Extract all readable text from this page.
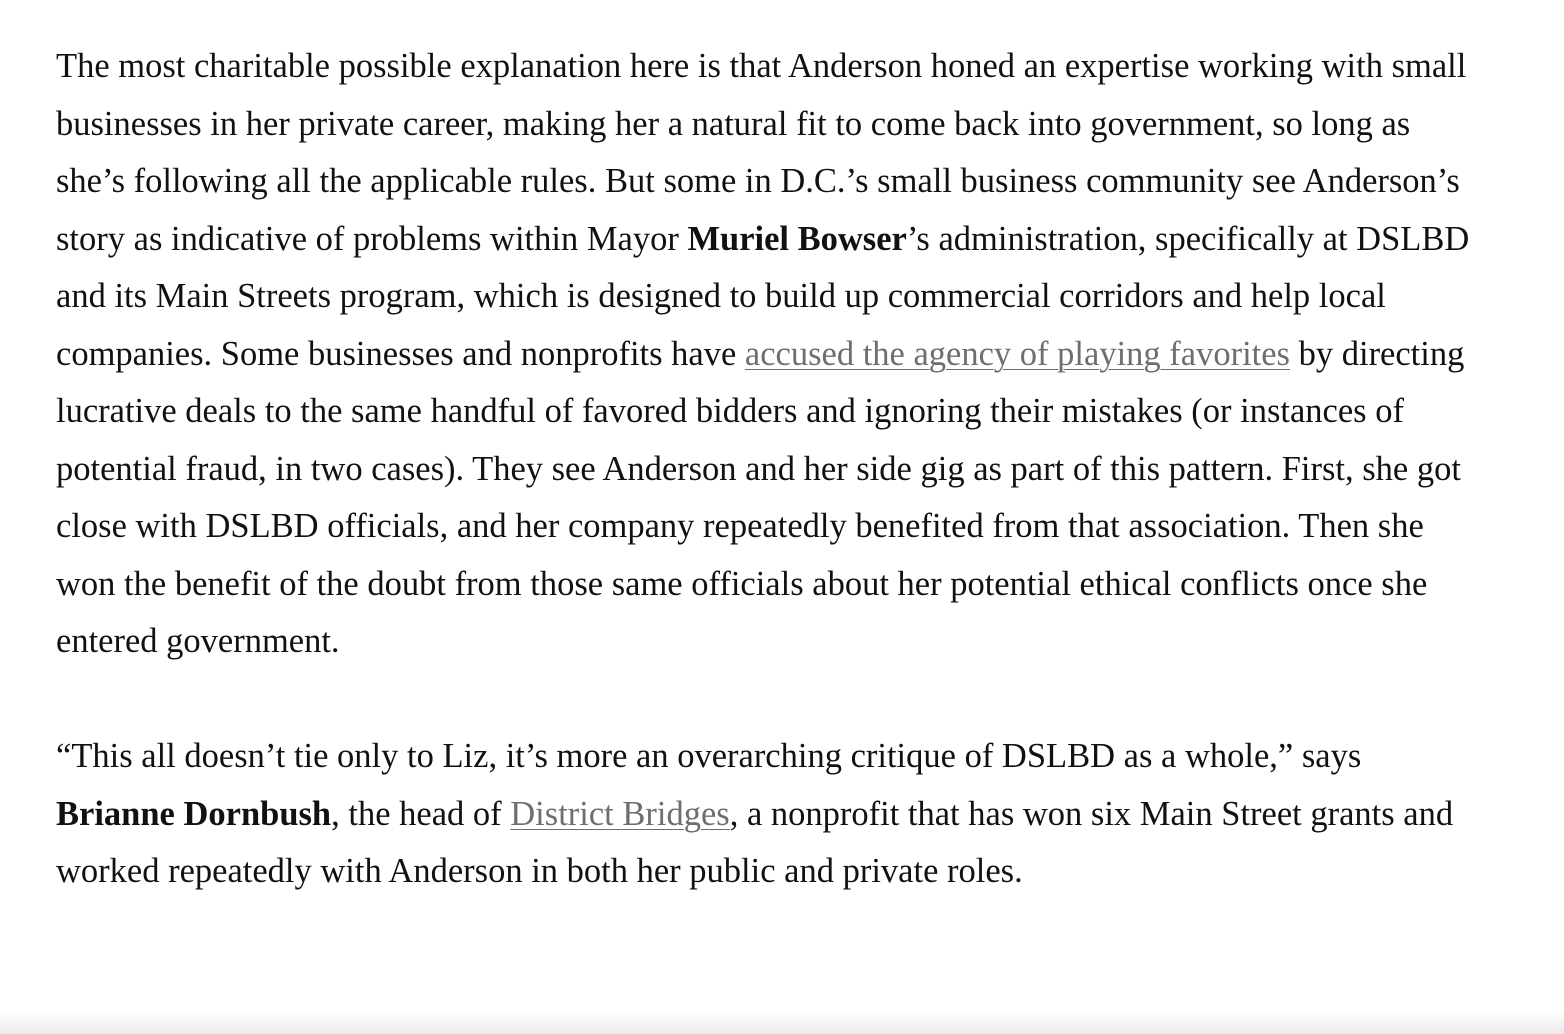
The most charitable possible explanation here is that Anderson honed an expertise working with small businesses in her private career, making her a natural fit to come back into government, so long as she’s following all the applicable rules. But some in D.C.’s small business community see Anderson’s story as indicative of problems within Mayor Muriel Bowser’s administration, specifically at DSLBD and its Main Streets program, which is designed to build up commercial corridors and help local companies. Some businesses and nonprofits have accused the agency of playing favorites by directing lucrative deals to the same handful of favored bidders and ignoring their mistakes (or instances of potential fraud, in two cases). They see Anderson and her side gig as part of this pattern. First, she got close with DSLBD officials, and her company repeatedly benefited from that association. Then she won the benefit of the doubt from those same officials about her potential ethical conflicts once she entered government.

“This all doesn’t tie only to Liz, it’s more an overarching critique of DSLBD as a whole,” says Brianne Dornbush, the head of District Bridges, a nonprofit that has won six Main Street grants and worked repeatedly with Anderson in both her public and private roles.
